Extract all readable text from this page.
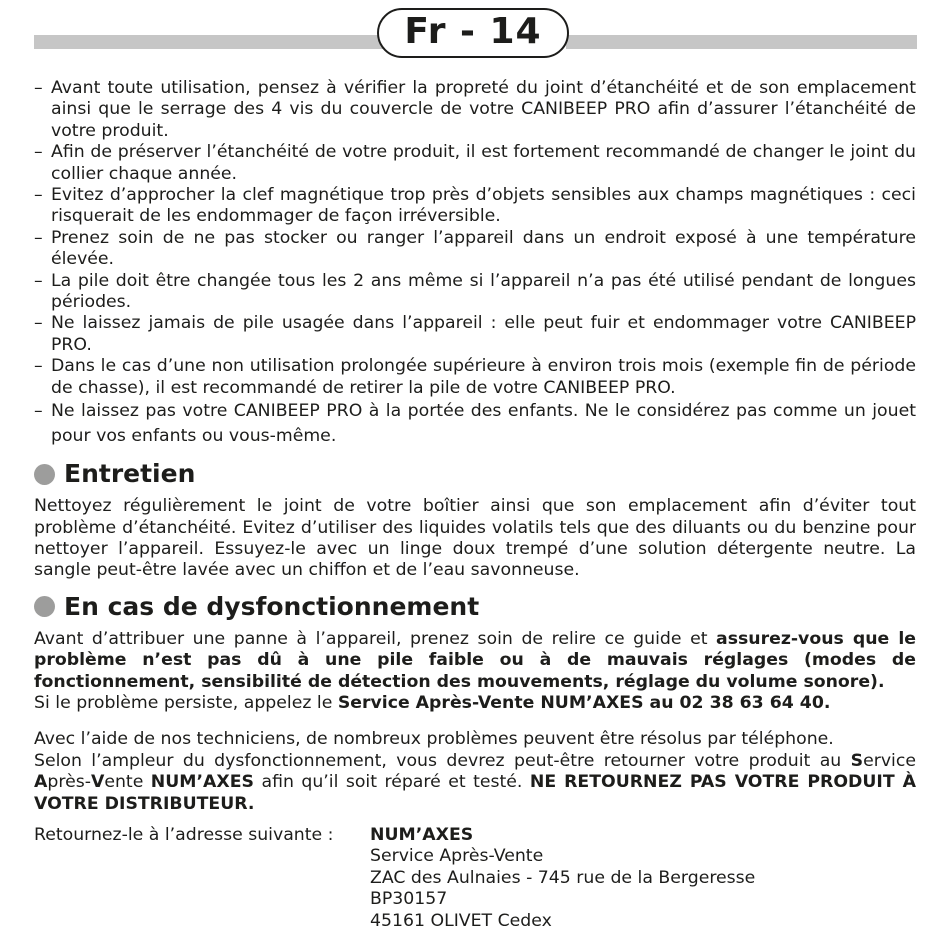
Fr - 14
– Avant toute utilisation, pensez à vérifier la propreté du joint d’étanchéité et de son emplacement ainsi que le serrage des 4 vis du couvercle de votre CANIBEEP PRO afin d’assurer l’étanchéité de votre produit.
– Afin de préserver l’étanchéité de votre produit, il est fortement recommandé de changer le joint du collier chaque année.
– Evitez d’approcher la clef magnétique trop près d’objets sensibles aux champs magnétiques : ceci risquerait de les endommager de façon irréversible.
– Prenez soin de ne pas stocker ou ranger l’appareil dans un endroit exposé à une température élevée.
– La pile doit être changée tous les 2 ans même si l’appareil n’a pas été utilisé pendant de longues périodes.
– Ne laissez jamais de pile usagée dans l’appareil : elle peut fuir et endommager votre CANIBEEP PRO.
– Dans le cas d’une non utilisation prolongée supérieure à environ trois mois (exemple fin de période de chasse), il est recommandé de retirer la pile de votre CANIBEEP PRO.
– Ne laissez pas votre CANIBEEP PRO à la portée des enfants. Ne le considérez pas comme un jouet pour vos enfants ou vous-même.
Entretien

Nettoyez régulièrement le joint de votre boîtier ainsi que son emplacement afin d’éviter tout problème d’étanchéité. Evitez d’utiliser des liquides volatils tels que des diluants ou du benzine pour nettoyer l’appareil. Essuyez-le avec un linge doux trempé d’une solution détergente neutre. La sangle peut-être lavée avec un chiffon et de l’eau savonneuse.

En cas de dysfonctionnement

Avant d’attribuer une panne à l’appareil, prenez soin de relire ce guide et assurez-vous que le problème n’est pas dû à une pile faible ou à de mauvais réglages (modes de fonctionnement, sensibilité de détection des mouvements, réglage du volume sonore).

Si le problème persiste, appelez le Service Après-Vente NUM’AXES au 02 38 63 64 40.

Avec l’aide de nos techniciens, de nombreux problèmes peuvent être résolus par téléphone.

Selon l’ampleur du dysfonctionnement, vous devrez peut-être retourner votre produit au Service Après-Vente NUM’AXES afin qu’il soit réparé et testé. NE RETOURNEZ PAS VOTRE PRODUIT À VOTRE DISTRIBUTEUR.

Retournez-le à l’adresse suivante :	NUM’AXES
Service Après-Vente
ZAC des Aulnaies - 745 rue de la Bergeresse
BP30157
45161 OLIVET Cedex
